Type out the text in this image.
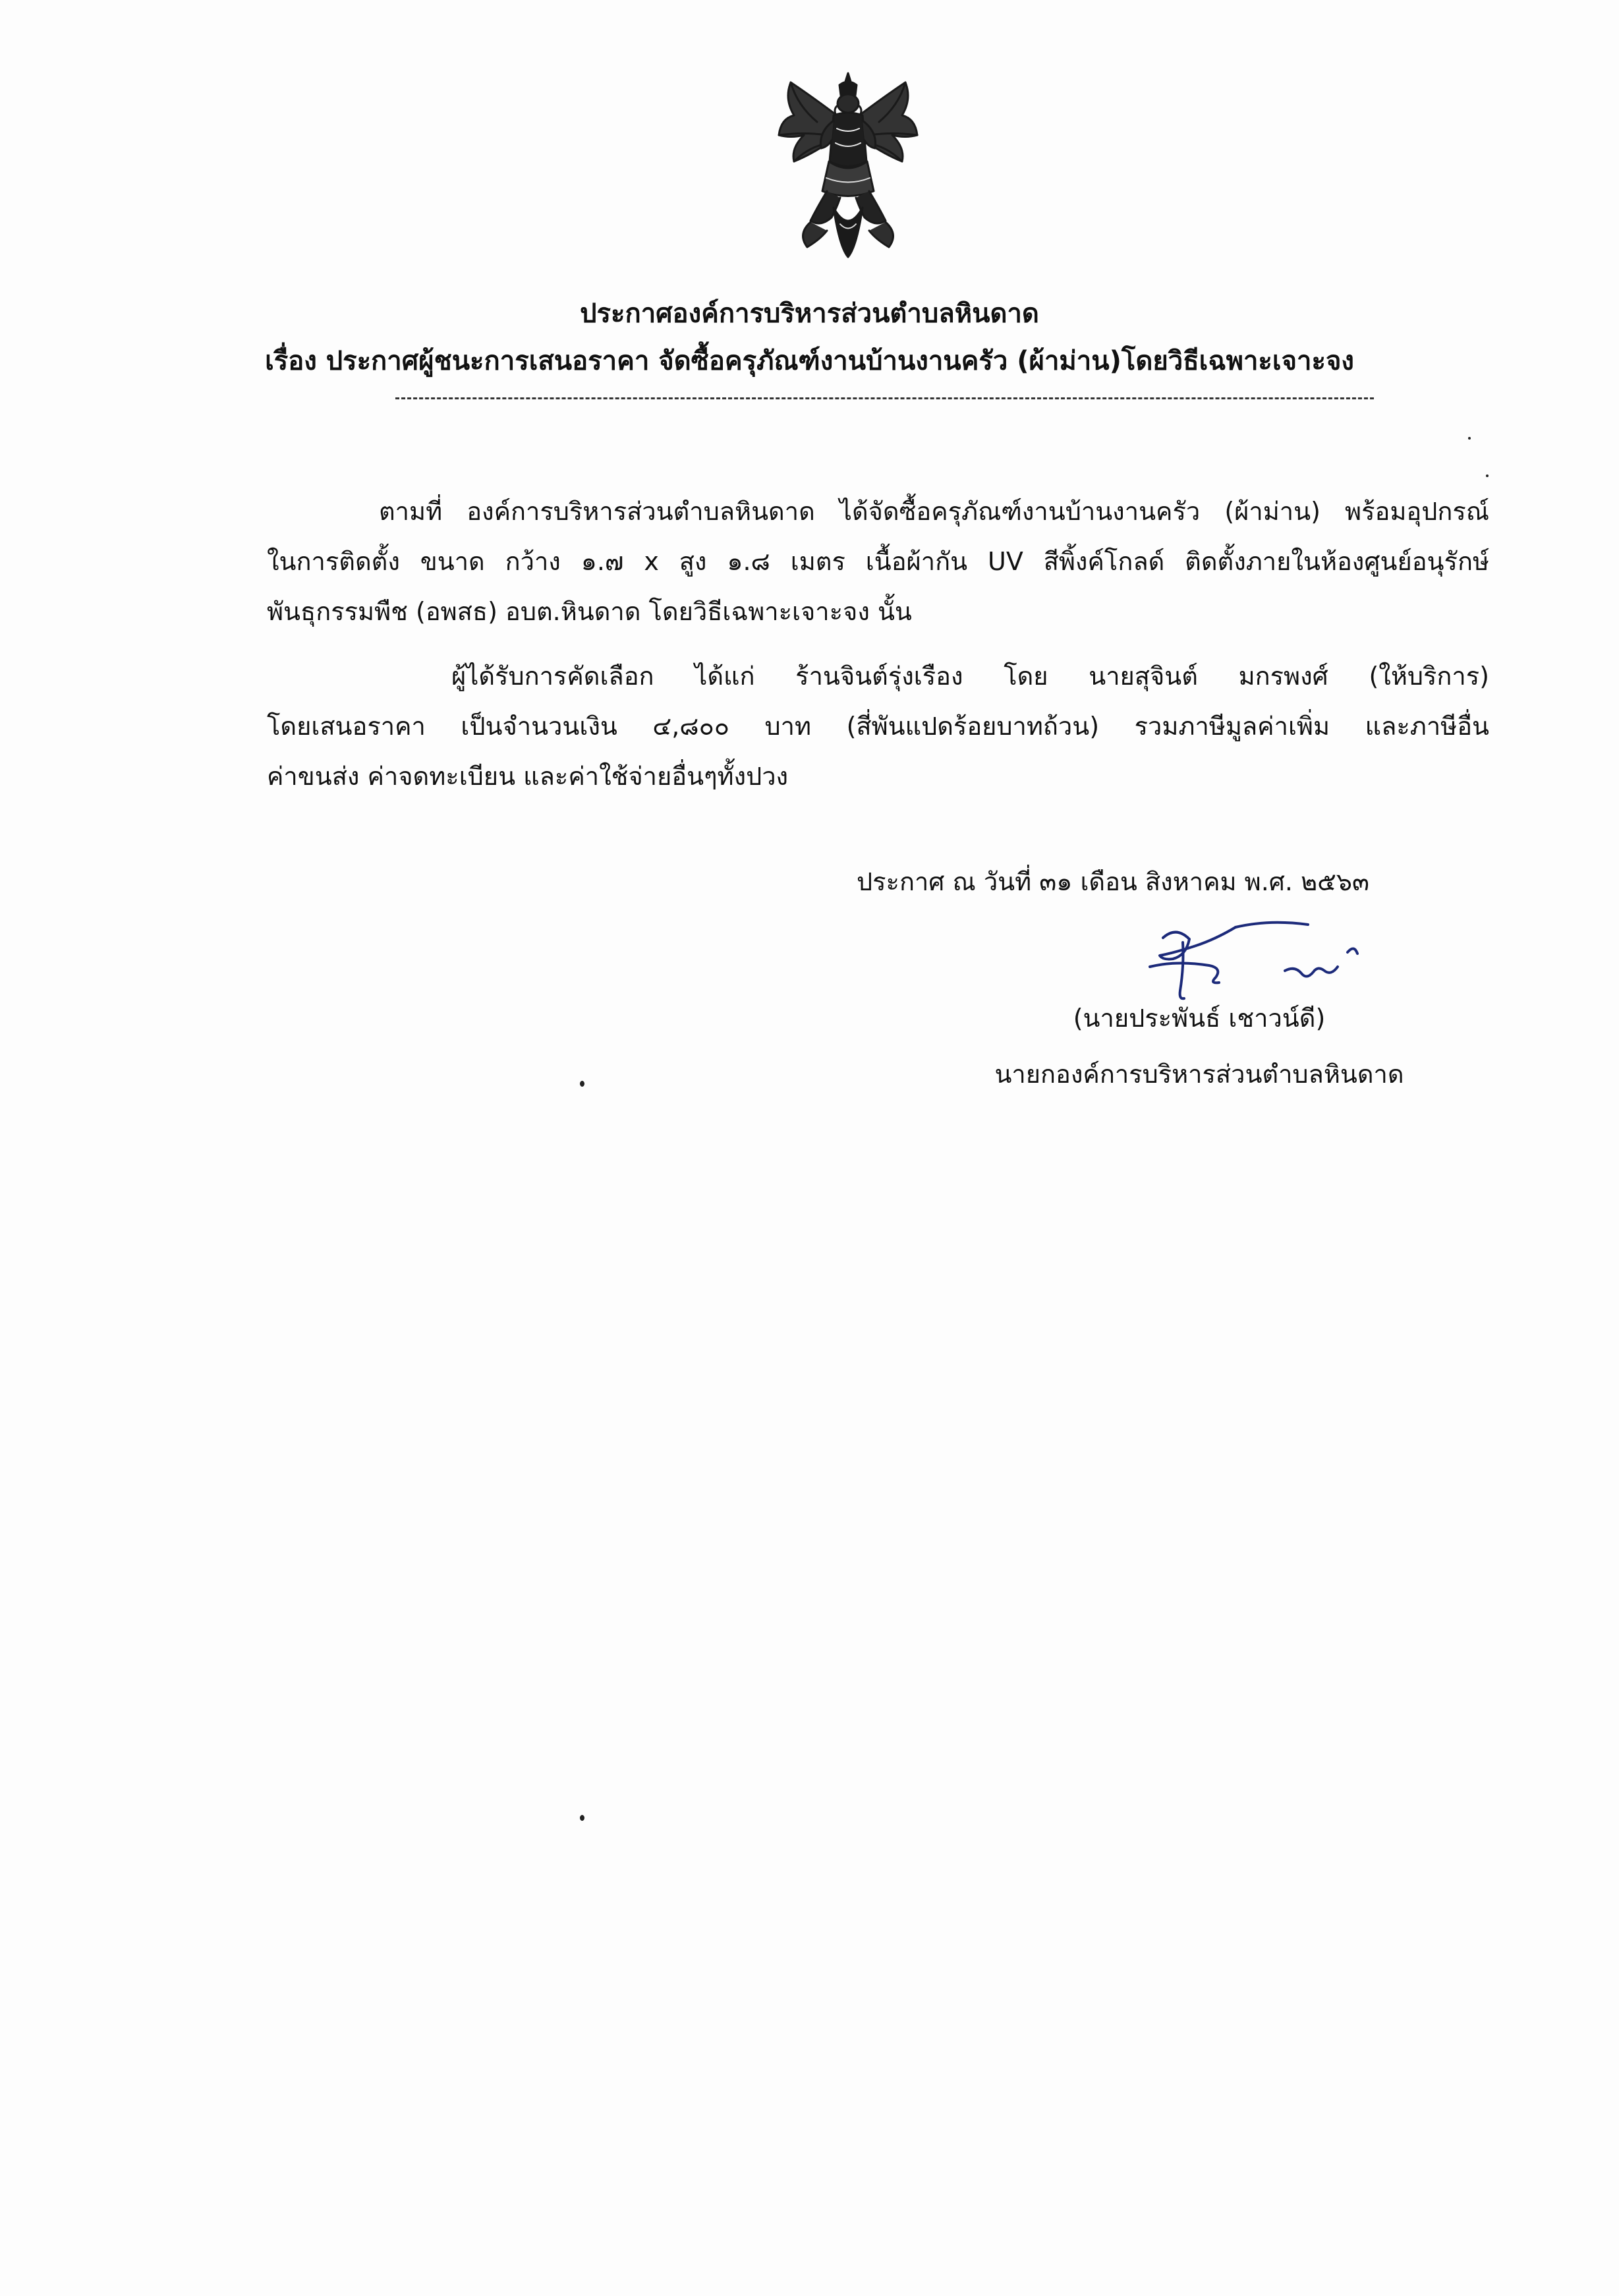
ประกาศองค์การบริหารส่วนตำบลหินดาด
เรื่อง ประกาศผู้ชนะการเสนอราคา จัดซื้อครุภัณฑ์งานบ้านงานครัว (ผ้าม่าน)โดยวิธีเฉพาะเจาะจง
ตามที่ องค์การบริหารส่วนตำบลหินดาด ได้จัดซื้อครุภัณฑ์งานบ้านงานครัว (ผ้าม่าน) พร้อมอุปกรณ์
ในการติดตั้ง ขนาด กว้าง ๑.๗ x สูง ๑.๘ เมตร เนื้อผ้ากัน UV สีพิ้งค์โกลด์ ติดตั้งภายในห้องศูนย์อนุรักษ์
พันธุกรรมพืช (อพสธ) อบต.หินดาด โดยวิธีเฉพาะเจาะจง นั้น
ผู้ได้รับการคัดเลือก ได้แก่ ร้านจินต์รุ่งเรือง โดย นายสุจินต์ มกรพงศ์ (ให้บริการ)
โดยเสนอราคา เป็นจำนวนเงิน ๔,๘๐๐ บาท (สี่พันแปดร้อยบาทถ้วน) รวมภาษีมูลค่าเพิ่ม และภาษีอื่น
ค่าขนส่ง ค่าจดทะเบียน และค่าใช้จ่ายอื่นๆทั้งปวง
ประกาศ ณ วันที่ ๓๑ เดือน สิงหาคม พ.ศ. ๒๕๖๓
(นายประพันธ์ เชาวน์ดี)
นายกองค์การบริหารส่วนตำบลหินดาด
